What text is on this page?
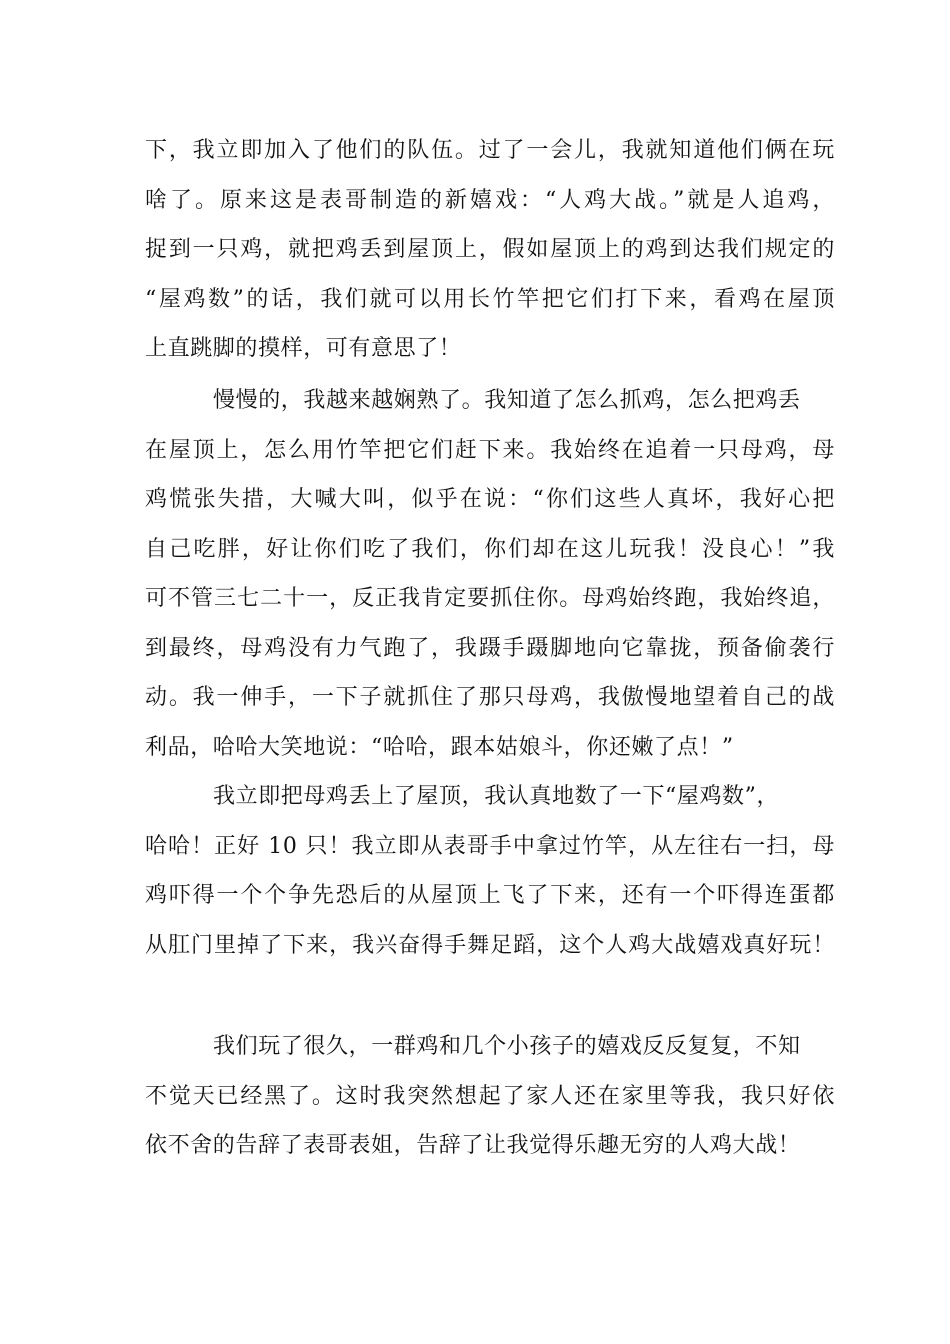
下，我立即加入了他们的队伍。过了一会儿，我就知道他们俩在玩
啥了。原来这是表哥制造的新嬉戏：“人鸡大战。”就是人追鸡，
捉到一只鸡，就把鸡丢到屋顶上，假如屋顶上的鸡到达我们规定的
“屋鸡数”的话，我们就可以用长竹竿把它们打下来，看鸡在屋顶
上直跳脚的摸样，可有意思了！
慢慢的，我越来越娴熟了。我知道了怎么抓鸡，怎么把鸡丢
在屋顶上，怎么用竹竿把它们赶下来。我始终在追着一只母鸡，母
鸡慌张失措，大喊大叫，似乎在说：“你们这些人真坏，我好心把
自己吃胖，好让你们吃了我们，你们却在这儿玩我！没良心！”我
可不管三七二十一，反正我肯定要抓住你。母鸡始终跑，我始终追，
到最终，母鸡没有力气跑了，我蹑手蹑脚地向它靠拢，预备偷袭行
动。我一伸手，一下子就抓住了那只母鸡，我傲慢地望着自己的战
利品，哈哈大笑地说：“哈哈，跟本姑娘斗，你还嫩了点！”
我立即把母鸡丢上了屋顶，我认真地数了一下“屋鸡数”，
哈哈！正好 10 只！我立即从表哥手中拿过竹竿，从左往右一扫，母
鸡吓得一个个争先恐后的从屋顶上飞了下来，还有一个吓得连蛋都
从肛门里掉了下来，我兴奋得手舞足蹈，这个人鸡大战嬉戏真好玩！
我们玩了很久，一群鸡和几个小孩子的嬉戏反反复复，不知
不觉天已经黑了。这时我突然想起了家人还在家里等我，我只好依
依不舍的告辞了表哥表姐，告辞了让我觉得乐趣无穷的人鸡大战！
